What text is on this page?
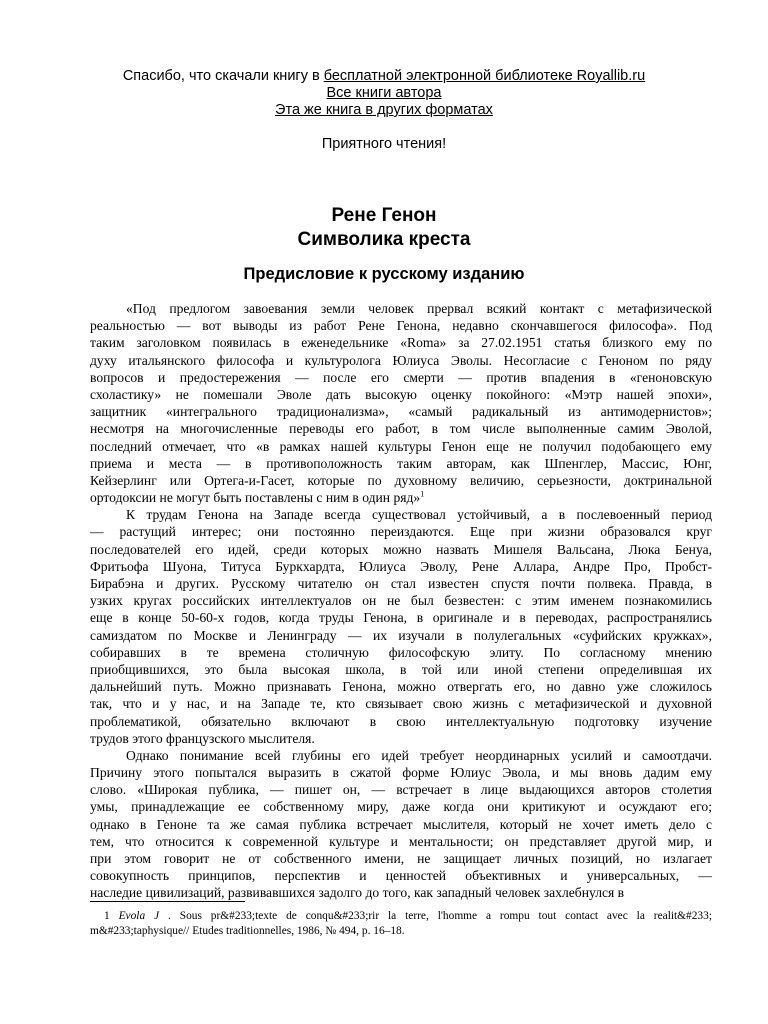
Спасибо, что скачали книгу в бесплатной электронной библиотеке Royallib.ru
Все книги автора
Эта же книга в других форматах
Приятного чтения!
Рене Генон
Символика креста
Предисловие к русскому изданию
«Под предлогом завоевания земли человек прервал всякий контакт с метафизической
реальностью — вот выводы из работ Рене Генона, недавно скончавшегося философа». Под
таким заголовком появилась в еженедельнике «Roma» за 27.02.1951 статья близкого ему по
духу итальянского философа и культуролога Юлиуса Эволы. Несогласие с Геноном по ряду
вопросов и предостережения — после его смерти — против впадения в «генонoвскую
схоластику» не помешали Эволе дать высокую оценку покойного: «Мэтр нашей эпохи»,
защитник «интегрального традиционализма», «самый радикальный из антимодернистов»;
несмотря на многочисленные переводы его работ, в том числе выполненные самим Эволой,
последний отмечает, что «в рамках нашей культуры Генон еще не получил подобающего ему
приема и места — в противоположность таким авторам, как Шпенглер, Массис, Юнг,
Кейзерлинг или Ортега-и-Гасет, которые по духовному величию, серьезности, доктринальной
ортодоксии не могут быть поставлены с ним в один ряд»$^1$
К трудам Генона на Западе всегда существовал устойчивый, а в послевоенный период
— растущий интерес; они постоянно переиздаются. Еще при жизни образовался круг
последователей его идей, среди которых можно назвать Мишеля Вальсана, Люка Бенуа,
Фритьофа Шуона, Титуса Буркхардта, Юлиуса Эволу, Рене Аллара, Андре Про, Пробст-
Бирабэна и других. Русскому читателю он стал известен спустя почти полвека. Правда, в
узких кругах российских интеллектуалов он не был безвестен: с этим именем познакомились
еще в конце 50-60-х годов, когда труды Генона, в оригинале и в переводах, распространялись
самиздатом по Москве и Ленинграду — их изучали в полулегальных «суфийских кружках»,
собиравших в те времена столичную философскую элиту. По согласному мнению
приобщившихся, это была высокая школа, в той или иной степени определившая их
дальнейший путь. Можно признавать Генона, можно отвергать его, но давно уже сложилось
так, что и у нас, и на Западе те, кто связывает свою жизнь с метафизической и духовной
проблематикой, обязательно включают в свою интеллектуальную подготовку изучение
трудов этого французского мыслителя.
Однако понимание всей глубины его идей требует неординарных усилий и самоотдачи.
Причину этого попыталcя выразить в сжатой форме Юлиус Эвола, и мы вновь дадим ему
слово. «Широкая публика, — пишет он, — встречает в лице выдающихся авторов столетия
умы, принадлежащие ее собственному миру, даже когда они критикуют и осуждают его;
однако в Геноне та же самая публика встречает мыслителя, который не хочет иметь дело с
тем, что относится к современной культуре и ментальности; он представляет другой мир, и
при этом говорит не от собственного имени, не защищает личных позиций, но излагает
совокупность принципов, перспектив и ценностей объективных и универсальных, —
наследие цивилизаций, развивавшихся задолго до того, как западный человек захлебнулся в
1 Evola J . Sous pr&#233;texte de conqu&#233;rir la terre, l'homme a rompu tout contact avec la realit&#233;
m&#233;taphysique// Etudes traditionnelles, 1986, № 494, p. 16–18.
